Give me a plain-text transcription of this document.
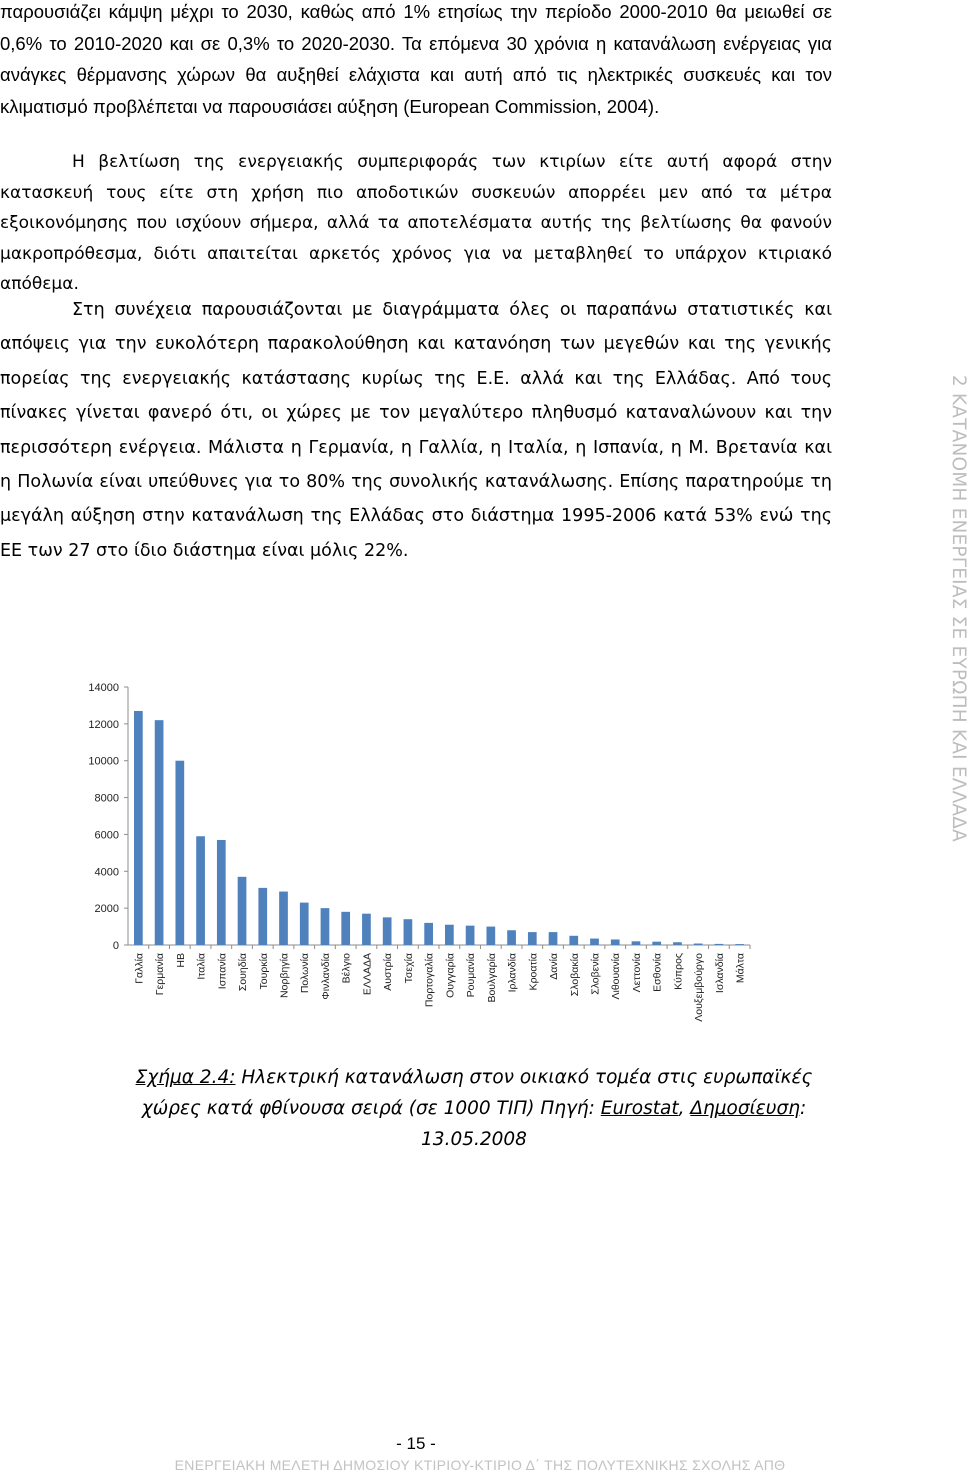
2 ΚΑΤΑΝΟΜΗ ΕΝΕΡΓΕΙΑΣ ΣΕ ΕΥΡΩΠΗ ΚΑΙ ΕΛΛΑΔΑ

παρουσιάζει κάμψη μέχρι το 2030, καθώς από 1% ετησίως την περίοδο 2000-2010 θα μειωθεί σε 0,6% το 2010-2020 και σε 0,3% το 2020-2030. Τα επόμενα 30 χρόνια η κατανάλωση ενέργειας για ανάγκες θέρμανσης χώρων θα αυξηθεί ελάχιστα και αυτή από τις ηλεκτρικές συσκευές και τον κλιματισμό προβλέπεται να παρουσιάσει αύξηση (European Commission, 2004).

Η βελτίωση της ενεργειακής συμπεριφοράς των κτιρίων είτε αυτή αφορά στην κατασκευή τους είτε στη χρήση πιο αποδοτικών συσκευών απορρέει μεν από τα μέτρα εξοικονόμησης που ισχύουν σήμερα, αλλά τα αποτελέσματα αυτής της βελτίωσης θα φανούν μακροπρόθεσμα, διότι απαιτείται αρκετός χρόνος για να μεταβληθεί το υπάρχον κτιριακό απόθεμα.

Στη συνέχεια παρουσιάζονται με διαγράμματα όλες οι παραπάνω στατιστικές και απόψεις για την ευκολότερη παρακολούθηση και κατανόηση των μεγεθών και της γενικής πορείας της ενεργειακής κατάστασης κυρίως της Ε.Ε. αλλά και της Ελλάδας. Από τους πίνακες γίνεται φανερό ότι, οι χώρες με τον μεγαλύτερο πληθυσμό καταναλώνουν και την περισσότερη ενέργεια. Μάλιστα η Γερμανία, η Γαλλία, η Ιταλία, η Ισπανία, η Μ. Βρετανία και η Πολωνία είναι υπεύθυνες για το 80% της συνολικής κατανάλωσης. Επίσης παρατηρούμε τη μεγάλη αύξηση στην κατανάλωση της Ελλάδας στο διάστημα 1995-2006 κατά 53% ενώ της ΕΕ των 27 στο ίδιο διάστημα είναι μόλις 22%.

0
2000
4000
6000
8000
10000
12000
14000
Γαλλία Γερμανία ΗΒ Ιταλία Ισπανία Σουηδία Τουρκία Νορβηγία Πολωνία Φινλανδία Βέλγιο ΕΛΛΑΔΑ Αυστρία Τσεχία Πορτογαλία Ουγγαρία Ρουμανία Βουλγαρία Ιρλανδία Κροατία Δανία Σλοβακία Σλοβενία Λιθουανία Λεττονία Εσθονία Κύπρος Λουξεμβούργο Ισλανδία Μάλτα
Σχήμα 2.4: Ηλεκτρική κατανάλωση στον οικιακό τομέα στις ευρωπαϊκές χώρες κατά φθίνουσα σειρά (σε 1000 ΤΙΠ) Πηγή: Eurostat, Δημοσίευση: 13.05.2008
- 15 -
ΕΝΕΡΓΕΙΑΚΗ ΜΕΛΕΤΗ ΔΗΜΟΣΙΟΥ ΚΤΙΡΙΟΥ-ΚΤΙΡΙΟ Δ΄ ΤΗΣ ΠΟΛΥΤΕΧΝΙΚΗΣ ΣΧΟΛΗΣ ΑΠΘ
